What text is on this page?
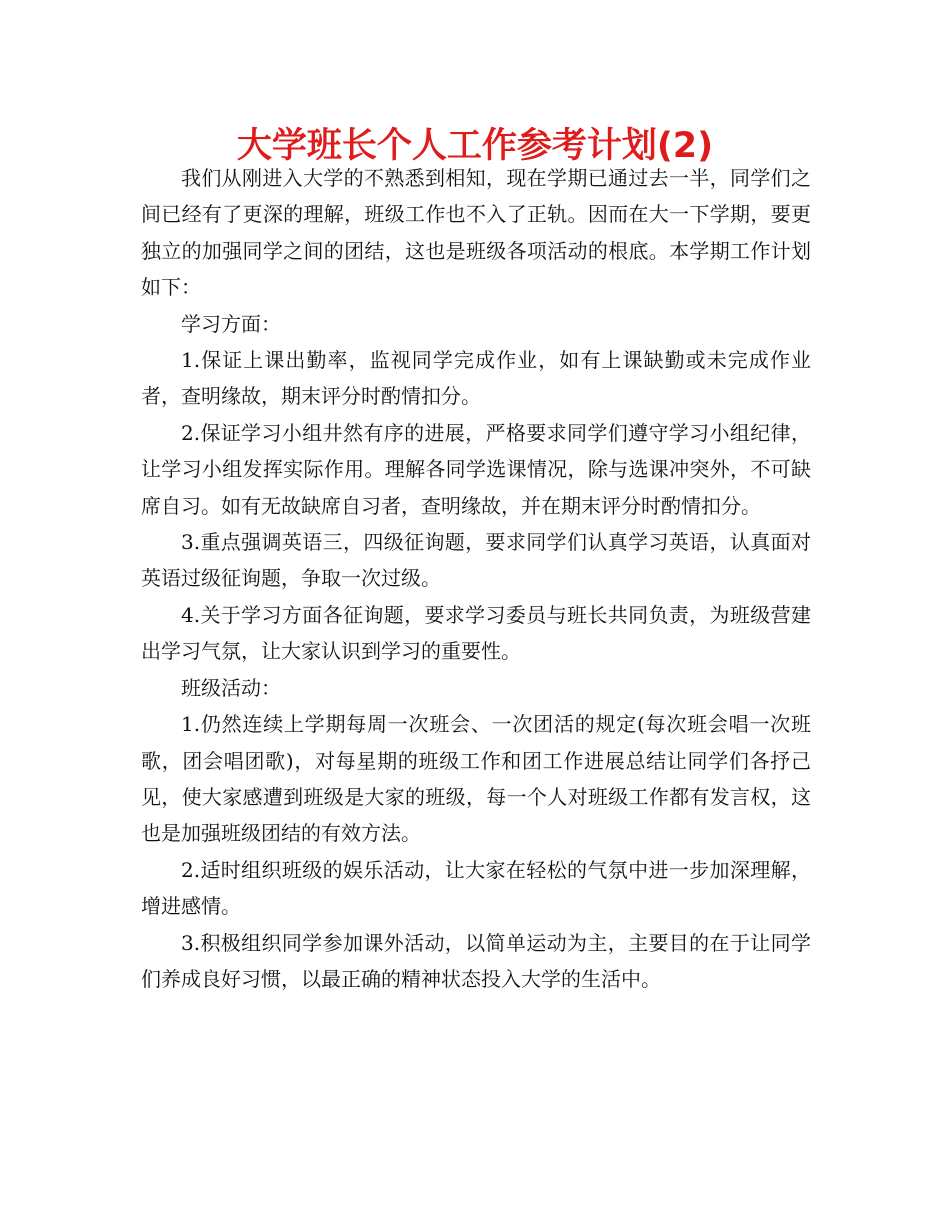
大学班长个人工作参考计划(2)

我们从刚进入大学的不熟悉到相知，现在学期已通过去一半，同学们之间已经有了更深的理解，班级工作也不入了正轨。因而在大一下学期，要更独立的加强同学之间的团结，这也是班级各项活动的根底。本学期工作计划如下：

学习方面：

1.保证上课出勤率，监视同学完成作业，如有上课缺勤或未完成作业者，查明缘故，期末评分时酌情扣分。

2.保证学习小组井然有序的进展，严格要求同学们遵守学习小组纪律，让学习小组发挥实际作用。理解各同学选课情况，除与选课冲突外，不可缺席自习。如有无故缺席自习者，查明缘故，并在期末评分时酌情扣分。

3.重点强调英语三，四级征询题，要求同学们认真学习英语，认真面对英语过级征询题，争取一次过级。

4.关于学习方面各征询题，要求学习委员与班长共同负责，为班级营建出学习气氛，让大家认识到学习的重要性。

班级活动：

1.仍然连续上学期每周一次班会、一次团活的规定(每次班会唱一次班歌，团会唱团歌)，对每星期的班级工作和团工作进展总结让同学们各抒己见，使大家感遭到班级是大家的班级，每一个人对班级工作都有发言权，这也是加强班级团结的有效方法。

2.适时组织班级的娱乐活动，让大家在轻松的气氛中进一步加深理解，增进感情。

3.积极组织同学参加课外活动，以简单运动为主，主要目的在于让同学们养成良好习惯，以最正确的精神状态投入大学的生活中。
